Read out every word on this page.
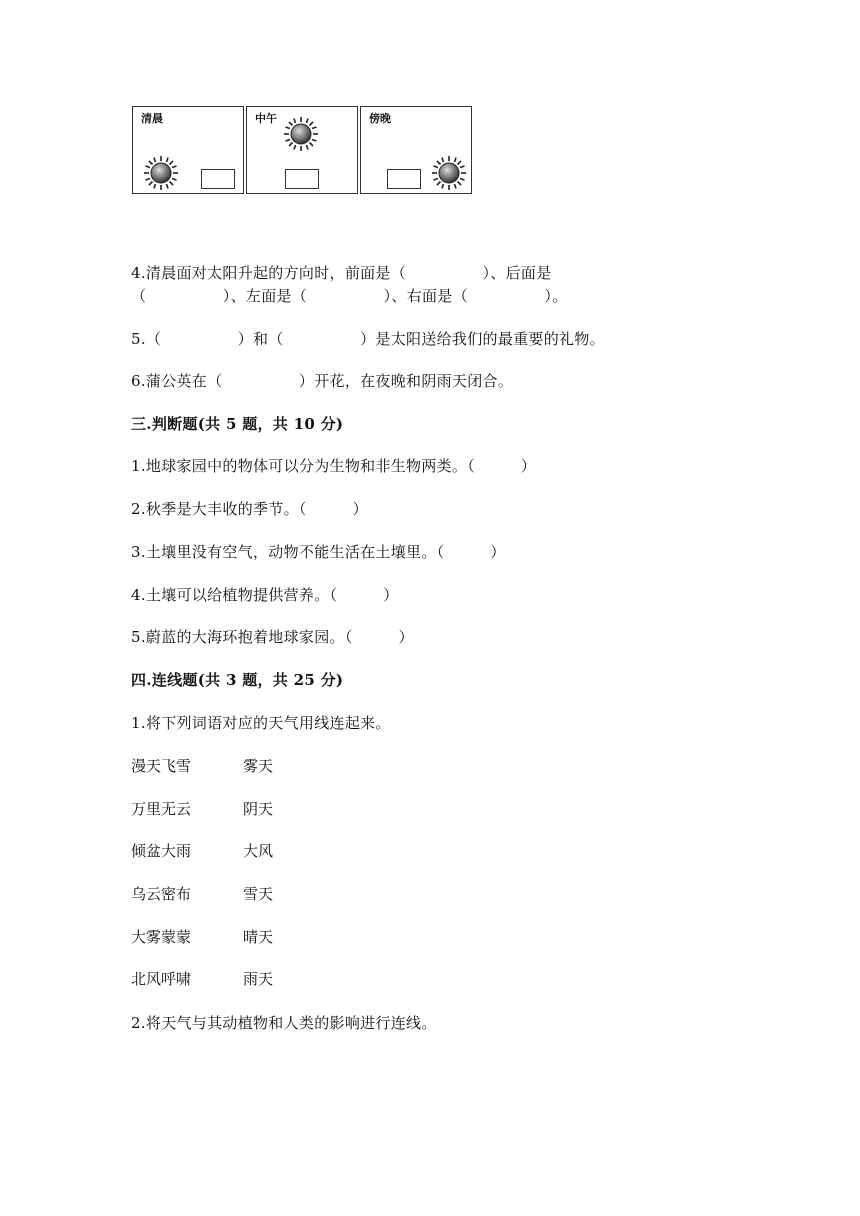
清晨	中午	傍晚
4.清晨面对太阳升起的方向时，前面是（　　　　　）、后面是
（　　　　　）、左面是（　　　　　）、右面是（　　　　　）。
5.（　　　　　）和（　　　　　）是太阳送给我们的最重要的礼物。
6.蒲公英在（　　　　　）开花，在夜晚和阴雨天闭合。
三.判断题(共 5 题，共 10 分)
1.地球家园中的物体可以分为生物和非生物两类。（　　　）
2.秋季是大丰收的季节。（　　　）
3.土壤里没有空气，动物不能生活在土壤里。（　　　）
4.土壤可以给植物提供营养。（　　　）
5.蔚蓝的大海环抱着地球家园。（　　　）
四.连线题(共 3 题，共 25 分)
1.将下列词语对应的天气用线连起来。
漫天飞雪	雾天
万里无云	阴天
倾盆大雨	大风
乌云密布	雪天
大雾蒙蒙	晴天
北风呼啸	雨天
2.将天气与其动植物和人类的影响进行连线。
